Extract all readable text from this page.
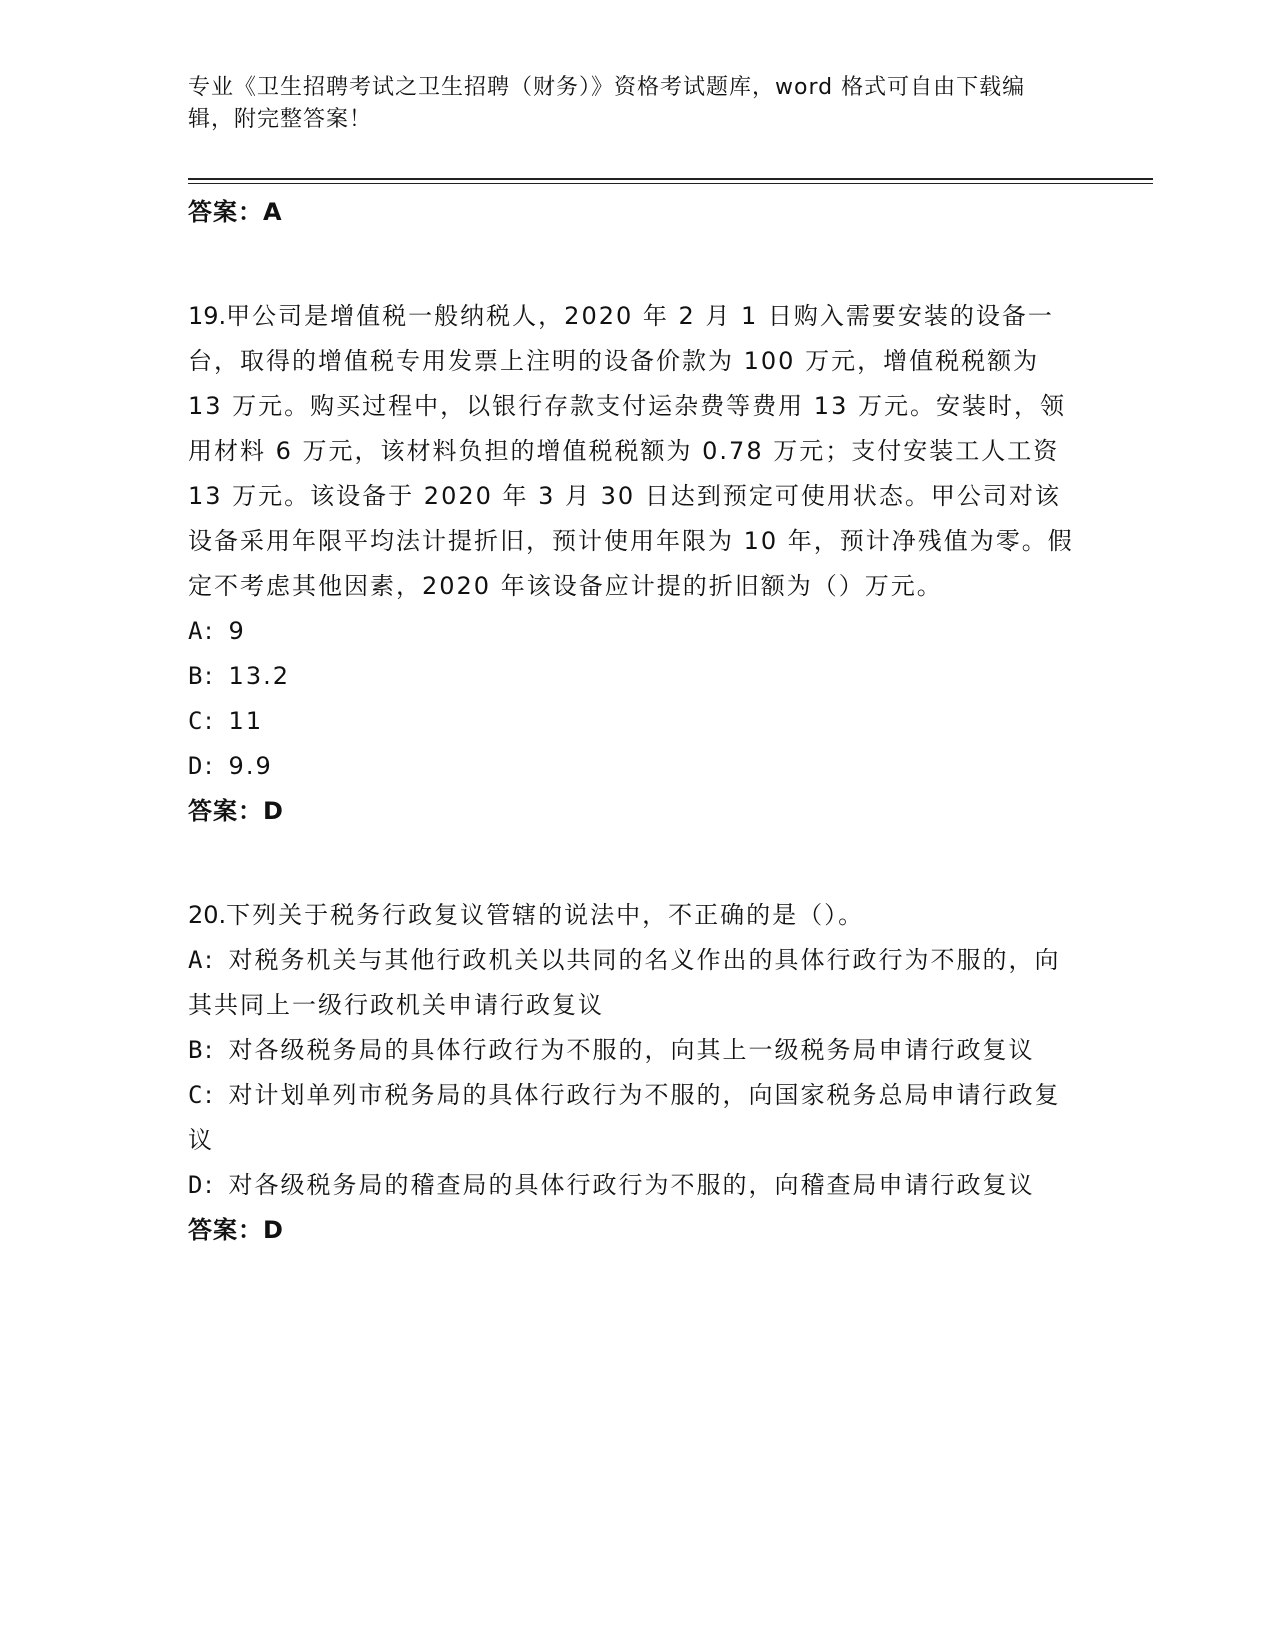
专业《卫生招聘考试之卫生招聘（财务）》资格考试题库，word 格式可自由下载编辑，附完整答案！
答案：A
19.甲公司是增值税一般纳税人，2020 年 2 月 1 日购入需要安装的设备一台，取得的增值税专用发票上注明的设备价款为 100 万元，增值税税额为 13 万元。购买过程中，以银行存款支付运杂费等费用 13 万元。安装时，领用材料 6 万元，该材料负担的增值税税额为 0.78 万元；支付安装工人工资 13 万元。该设备于 2020 年 3 月 30 日达到预定可使用状态。甲公司对该设备采用年限平均法计提折旧，预计使用年限为 10 年，预计净残值为零。假定不考虑其他因素，2020 年该设备应计提的折旧额为（）万元。
A: 9
B: 13.2
C: 11
D: 9.9
答案：D
20.下列关于税务行政复议管辖的说法中，不正确的是（）。
A: 对税务机关与其他行政机关以共同的名义作出的具体行政行为不服的，向其共同上一级行政机关申请行政复议
B: 对各级税务局的具体行政行为不服的，向其上一级税务局申请行政复议
C: 对计划单列市税务局的具体行政行为不服的，向国家税务总局申请行政复议
D: 对各级税务局的稽查局的具体行政行为不服的，向稽查局申请行政复议
答案：D
